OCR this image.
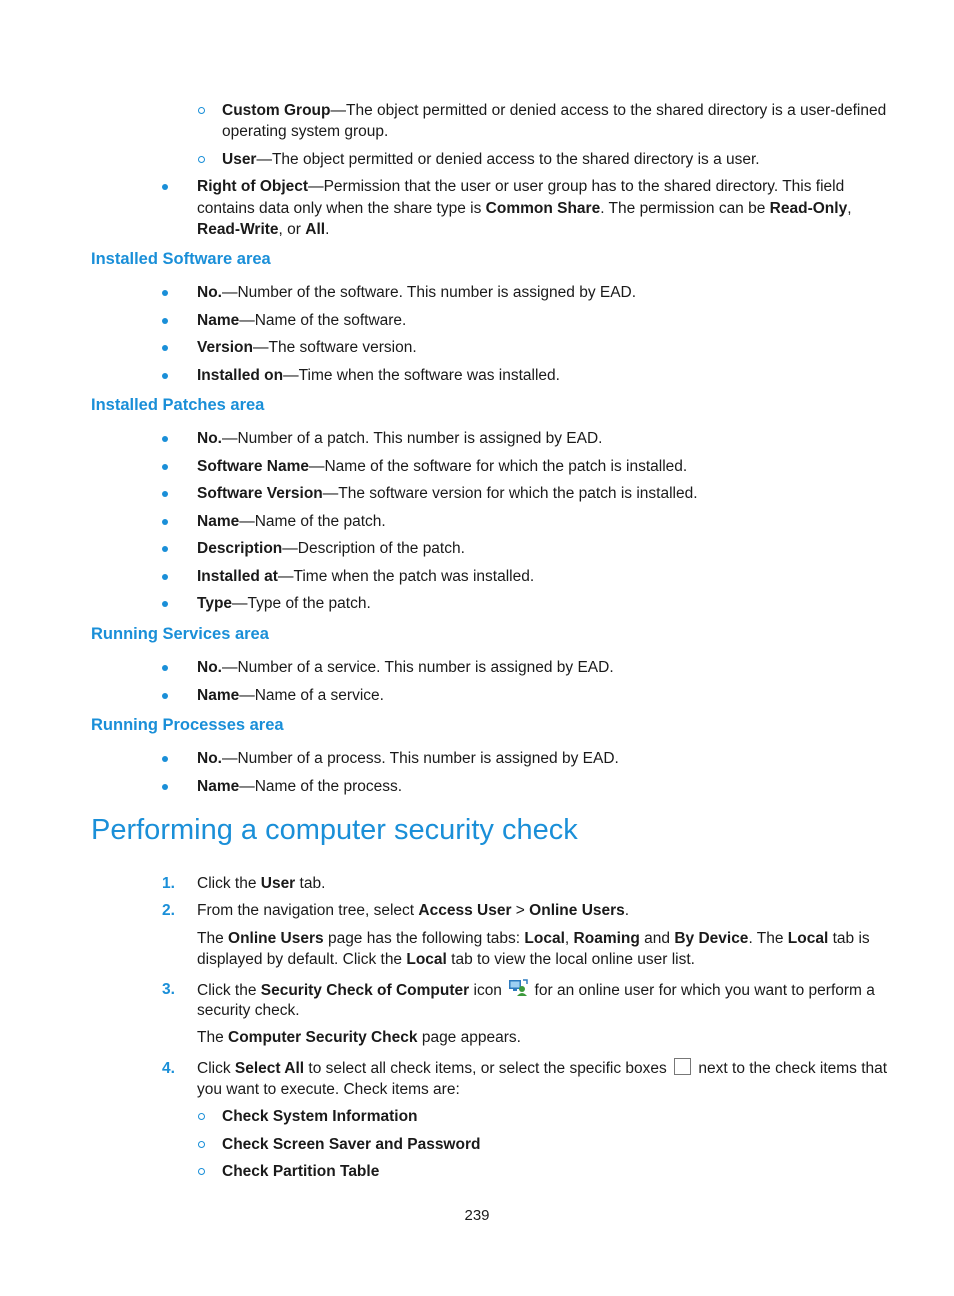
Custom Group—The object permitted or denied access to the shared directory is a user-defined
operating system group.
User—The object permitted or denied access to the shared directory is a user.
Right of Object—Permission that the user or user group has to the shared directory. This field
contains data only when the share type is Common Share. The permission can be Read-Only,
Read-Write, or All.
Installed Software area
No.—Number of the software. This number is assigned by EAD.
Name—Name of the software.
Version—The software version.
Installed on—Time when the software was installed.
Installed Patches area
No.—Number of a patch. This number is assigned by EAD.
Software Name—Name of the software for which the patch is installed.
Software Version—The software version for which the patch is installed.
Name—Name of the patch.
Description—Description of the patch.
Installed at—Time when the patch was installed.
Type—Type of the patch.
Running Services area
No.—Number of a service. This number is assigned by EAD.
Name—Name of a service.
Running Processes area
No.—Number of a process. This number is assigned by EAD.
Name—Name of the process.
Performing a computer security check
1. Click the User tab.
2. From the navigation tree, select Access User > Online Users.
The Online Users page has the following tabs: Local, Roaming and By Device. The Local tab is
displayed by default. Click the Local tab to view the local online user list.
3. Click the Security Check of Computer icon  for an online user for which you want to perform a
security check.
The Computer Security Check page appears.
4. Click Select All to select all check items, or select the specific boxes  next to the check items that
you want to execute. Check items are:
Check System Information
Check Screen Saver and Password
Check Partition Table
239
